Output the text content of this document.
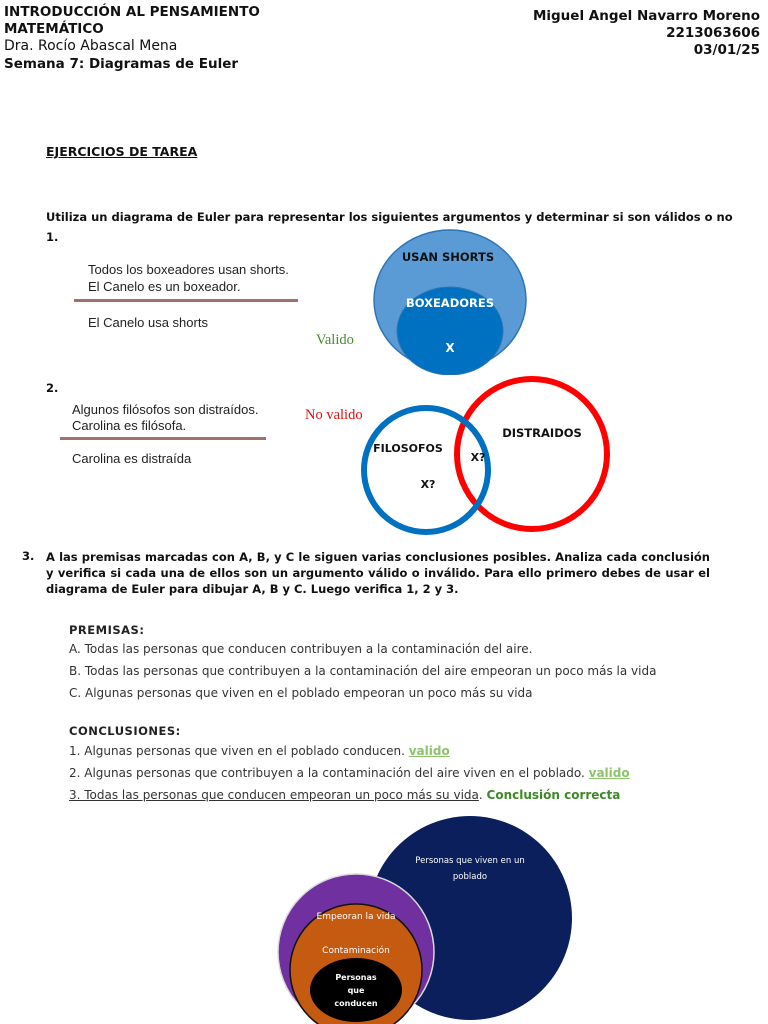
INTRODUCCIÓN AL PENSAMIENTO
MATEMÁTICO
Dra. Rocío Abascal Mena
Semana 7: Diagramas de Euler
Miguel Angel Navarro Moreno
2213063606
03/01/25
EJERCICIOS DE TAREA
Utiliza un diagrama de Euler para representar los siguientes argumentos y determinar si son válidos o no
1.
Todos los boxeadores usan shorts.
El Canelo es un boxeador.
El Canelo usa shorts
Valido
USAN SHORTS
BOXEADORES
X
2.
Algunos filósofos son distraídos.
Carolina es filósofa.
Carolina es distraída
No valido
FILOSOFOS
DISTRAIDOS
X?
X?
3. A las premisas marcadas con A, B, y C le siguen varias conclusiones posibles. Analiza cada conclusión y verifica si cada una de ellos son un argumento válido o inválido. Para ello primero debes de usar el diagrama de Euler para dibujar A, B y C. Luego verifica 1, 2 y 3.
PREMISAS:
A. Todas las personas que conducen contribuyen a la contaminación del aire.
B. Todas las personas que contribuyen a la contaminación del aire empeoran un poco más la vida
C. Algunas personas que viven en el poblado empeoran un poco más su vida
CONCLUSIONES:
1. Algunas personas que viven en el poblado conducen. valido
2. Algunas personas que contribuyen a la contaminación del aire viven en el poblado. valido
3. Todas las personas que conducen empeoran un poco más su vida. Conclusión correcta
Personas que viven en un
poblado
Empeoran la vida
Contaminación
Personas
que
conducen
